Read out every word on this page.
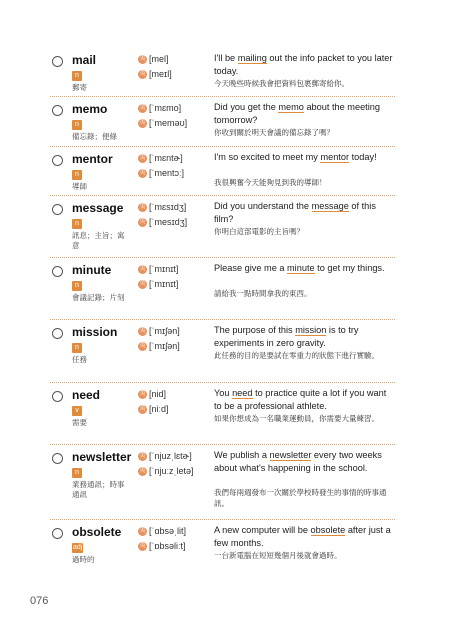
mail
n
郵寄
美 [mel]
英 [meɪl]
I'll be mailing out the info packet to you later today.
今天晚些時候我會把資料包裹郵寄給你。
memo
n
備忘錄；便條
美 [ˈmɛmo]
英 [ˈmeməʊ]
Did you get the memo about the meeting tomorrow?
你收到關於明天會議的備忘錄了嗎？
mentor
n
導師
美 [ˈmɛntɚ]
英 [ˈmentɔː]
I'm so excited to meet my mentor today!
我很興奮今天能夠見到我的導師！
message
n
訊息；主旨；寓意
美 [ˈmɛsɪdʒ]
英 [ˈmesɪdʒ]
Did you understand the message of this film?
你明白這部電影的主旨嗎？
minute
n
會議記錄；片刻
美 [ˈmɪnɪt]
英 [ˈmɪnɪt]
Please give me a minute to get my things.
請給我一點時間拿我的東西。
mission
n
任務
美 [ˈmɪʃən]
英 [ˈmɪʃən]
The purpose of this mission is to try experiments in zero gravity.
此任務的目的是要試在零重力的狀態下進行實驗。
need
v
需要
美 [nid]
英 [niːd]
You need to practice quite a lot if you want to be a professional athlete.
如果你想成為一名職業運動員，你需要大量練習。
newsletter
n
業務通訊；時事通訊
美 [ˈnjuzˌlɛtɚ]
英 [ˈnjuːzˌletə]
We publish a newsletter every two weeks about what's happening in the school.
我們每兩週發布一次關於學校時發生的事情的時事通訊。
obsolete
adj
過時的
美 [ˈɑbsəˌlit]
英 [ˈɒbsəliːt]
A new computer will be obsolete after just a few months.
一台新電腦在短短幾個月後就會過時。
076
